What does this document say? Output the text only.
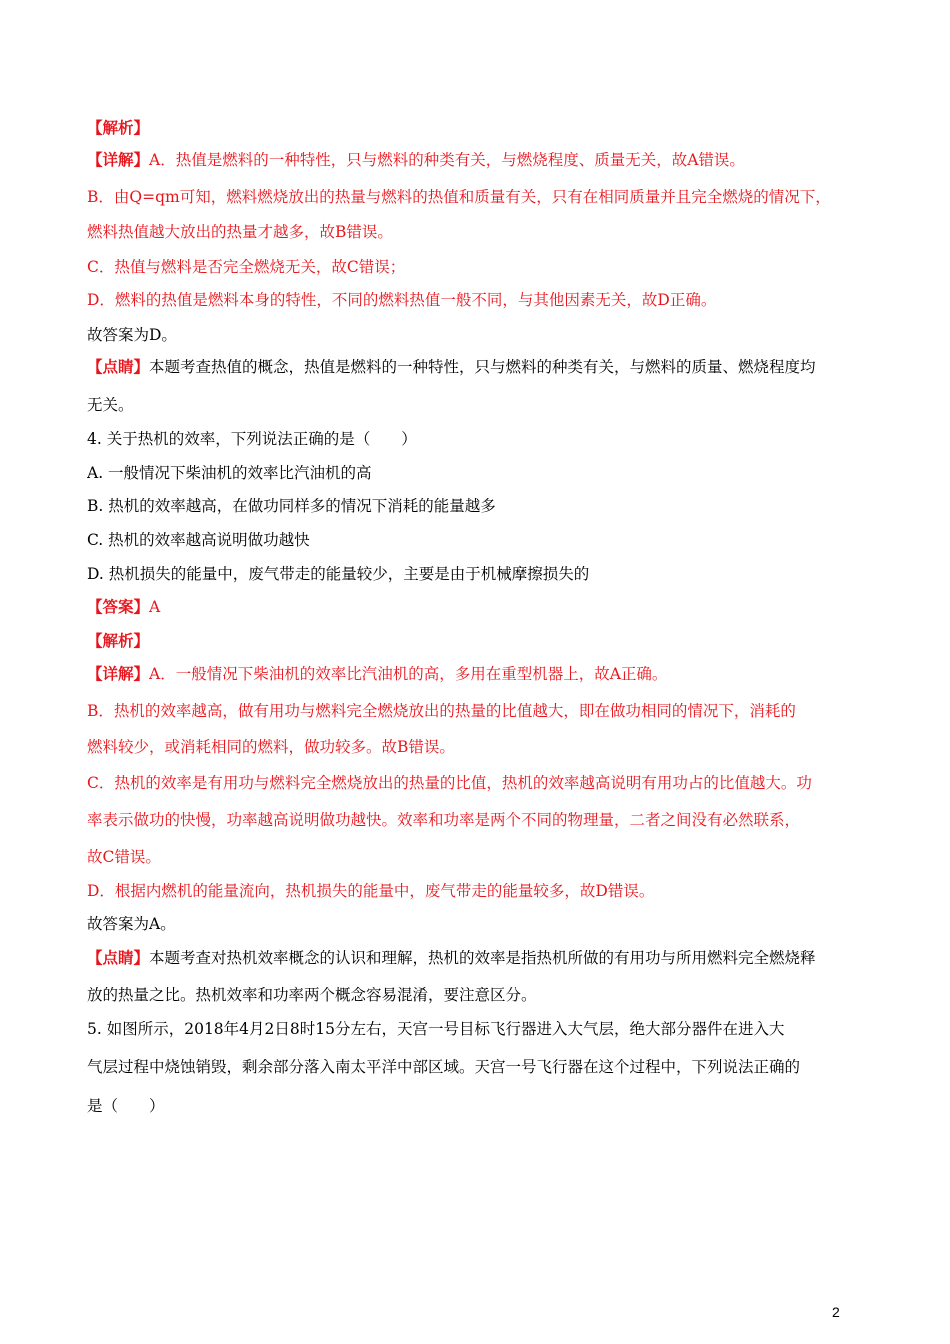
【解析】
【详解】A．热值是燃料的一种特性，只与燃料的种类有关，与燃烧程度、质量无关，故A错误。
B．由Q=qm可知，燃料燃烧放出的热量与燃料的热值和质量有关，只有在相同质量并且完全燃烧的情况下，
燃料热值越大放出的热量才越多，故B错误。
C．热值与燃料是否完全燃烧无关，故C错误；
D．燃料的热值是燃料本身的特性，不同的燃料热值一般不同，与其他因素无关，故D正确。
故答案为D。
【点睛】本题考查热值的概念，热值是燃料的一种特性，只与燃料的种类有关，与燃料的质量、燃烧程度均
无关。
4. 关于热机的效率，下列说法正确的是（　　）
A. 一般情况下柴油机的效率比汽油机的高
B. 热机的效率越高，在做功同样多的情况下消耗的能量越多
C. 热机的效率越高说明做功越快
D. 热机损失的能量中，废气带走的能量较少，主要是由于机械摩擦损失的
【答案】A
【解析】
【详解】A．一般情况下柴油机的效率比汽油机的高，多用在重型机器上，故A正确。
B．热机的效率越高，做有用功与燃料完全燃烧放出的热量的比值越大，即在做功相同的情况下，消耗的
燃料较少，或消耗相同的燃料，做功较多。故B错误。
C．热机的效率是有用功与燃料完全燃烧放出的热量的比值，热机的效率越高说明有用功占的比值越大。功
率表示做功的快慢，功率越高说明做功越快。效率和功率是两个不同的物理量，二者之间没有必然联系，
故C错误。
D．根据内燃机的能量流向，热机损失的能量中，废气带走的能量较多，故D错误。
故答案为A。
【点睛】本题考查对热机效率概念的认识和理解，热机的效率是指热机所做的有用功与所用燃料完全燃烧释
放的热量之比。热机效率和功率两个概念容易混淆，要注意区分。
5. 如图所示，2018年4月2日8时15分左右，天宫一号目标飞行器进入大气层，绝大部分器件在进入大
气层过程中烧蚀销毁，剩余部分落入南太平洋中部区域。天宫一号飞行器在这个过程中，下列说法正确的
是（　　）
2
